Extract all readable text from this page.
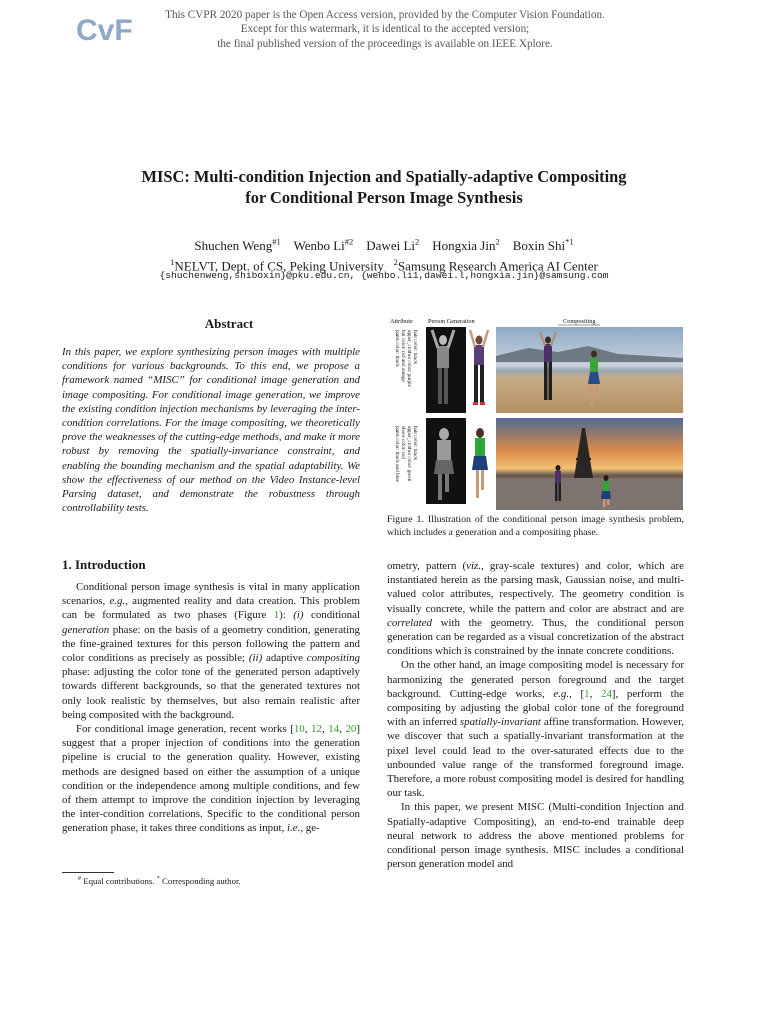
CvF	This CVPR 2020 paper is the Open Access version, provided by the Computer Vision Foundation.
Except for this watermark, it is identical to the accepted version;
the final published version of the proceedings is available on IEEE Xplore.
MISC: Multi-condition Injection and Spatially-adaptive Compositing
for Conditional Person Image Synthesis
Shuchen Weng$^{\#1}$ Wenbo Li$^{\#2}$ Dawei Li$^2$ Hongxia Jin$^2$ Boxin Shi$^{*1}$
$^1$NELVT, Dept. of CS, Peking University $^2$Samsung Research America AI Center
{shuchenweng,shiboxin}@pku.edu.cn, {wenbo.li1,dawei.l,hongxia.jin}@samsung.com
Abstract
In this paper, we explore synthesizing person images with multiple conditions for various backgrounds. To this end, we propose a framework named “MISC” for conditional image generation and image compositing. For conditional image generation, we improve the existing condition injection mechanisms by leveraging the inter-condition correlations. For the image compositing, we theoretically prove the weaknesses of the cutting-edge methods, and make it more robust by removing the spatially-invariance constraint, and enabling the bounding mechanism and the spatial adaptability. We show the effectiveness of our method on the Video Instance-level Parsing dataset, and demonstrate the robustness through controllability tests.
Attribute Person Generation	Compositing
pants color: black hat color: red and orange upper_clothes color: purple hair color: black
pants color: black and blue shoes color: red upper_clothes color: green hair color: black
Figure 1. Illustration of the conditional person image synthesis problem, which includes a generation and a compositing phase.
1. Introduction

Conditional person image synthesis is vital in many application scenarios, e.g., augmented reality and data creation. This problem can be formulated as two phases (Figure 1): (i) conditional generation phase: on the basis of a geometry condition, generating the fine-grained textures for this person following the pattern and color conditions as precisely as possible; (ii) adaptive compositing phase: adjusting the color tone of the generated person adaptively towards different backgrounds, so that the generated textures not only look realistic by themselves, but also remain realistic after being composited with the background.

For conditional image generation, recent works [10, 12, 14, 20] suggest that a proper injection of conditions into the generation pipeline is crucial to the generation quality. However, existing methods are designed based on either the assumption of a unique condition or the independence among multiple conditions, and few of them attempt to improve the condition injection by leveraging the inter-condition correlations. Specific to the conditional person generation phase, it takes three conditions as input, i.e., ge-

ometry, pattern (viz., gray-scale textures) and color, which are instantiated herein as the parsing mask, Gaussian noise, and multi-valued color attributes, respectively. The geometry condition is visually concrete, while the pattern and color are abstract and are correlated with the geometry. Thus, the conditional person generation can be regarded as a visual concretization of the abstract conditions which is constrained by the innate concrete conditions.

On the other hand, an image compositing model is necessary for harmonizing the generated person foreground and the target background. Cutting-edge works, e.g., [1, 24], perform the compositing by adjusting the global color tone of the foreground with an inferred spatially-invariant affine transformation. However, we discover that such a spatially-invariant transformation at the pixel level could lead to the over-saturated effects due to the unbounded value range of the transformed foreground image. Therefore, a more robust compositing model is desired for handling our task.

In this paper, we present MISC (Multi-condition Injection and Spatially-adaptive Compositing), an end-to-end trainable deep neural network to address the above mentioned problems for conditional person image synthesis. MISC includes a conditional person generation model and

# Equal contributions. * Corresponding author.
